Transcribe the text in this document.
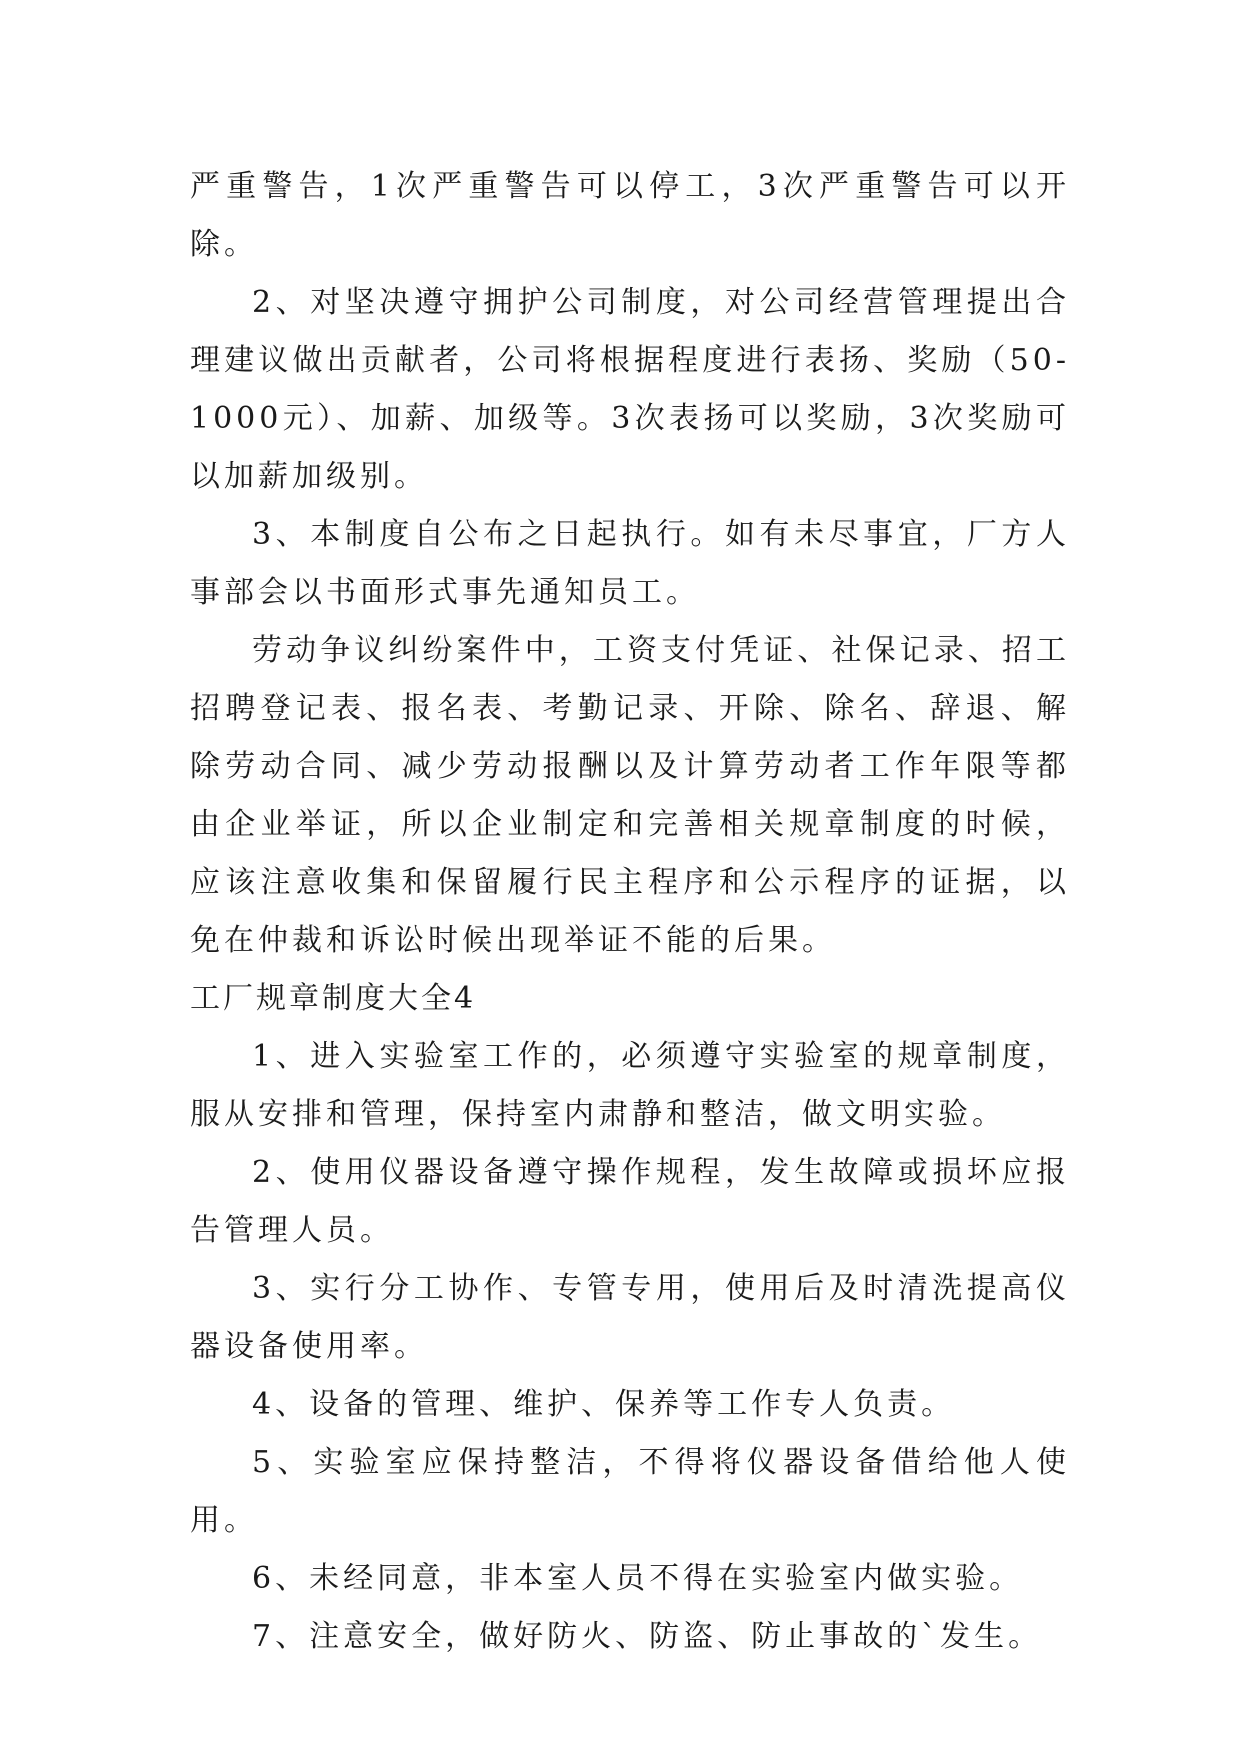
严重警告，1次严重警告可以停工，3次严重警告可以开除。

2、对坚决遵守拥护公司制度，对公司经营管理提出合理建议做出贡献者，公司将根据程度进行表扬、奖励（50-1000元）、加薪、加级等。3次表扬可以奖励，3次奖励可以加薪加级别。

3、本制度自公布之日起执行。如有未尽事宜，厂方人事部会以书面形式事先通知员工。

劳动争议纠纷案件中，工资支付凭证、社保记录、招工招聘登记表、报名表、考勤记录、开除、除名、辞退、解除劳动合同、减少劳动报酬以及计算劳动者工作年限等都由企业举证，所以企业制定和完善相关规章制度的时候，应该注意收集和保留履行民主程序和公示程序的证据，以免在仲裁和诉讼时候出现举证不能的后果。

工厂规章制度大全4

1、进入实验室工作的，必须遵守实验室的规章制度，服从安排和管理，保持室内肃静和整洁，做文明实验。

2、使用仪器设备遵守操作规程，发生故障或损坏应报告管理人员。

3、实行分工协作、专管专用，使用后及时清洗提高仪器设备使用率。

4、设备的管理、维护、保养等工作专人负责。

5、实验室应保持整洁，不得将仪器设备借给他人使用。

6、未经同意，非本室人员不得在实验室内做实验。

7、注意安全，做好防火、防盗、防止事故的`发生。
